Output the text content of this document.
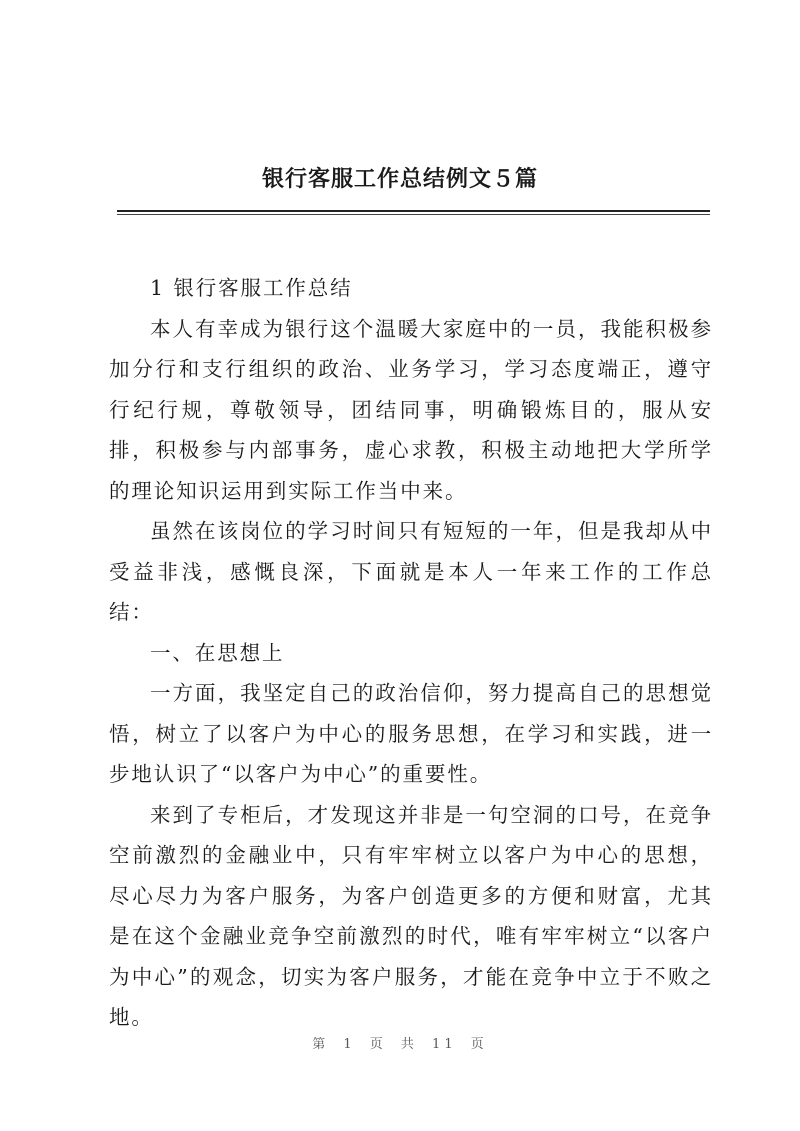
银行客服工作总结例文５篇

1 银行客服工作总结

本人有幸成为银行这个温暖大家庭中的一员，我能积极参加分行和支行组织的政治、业务学习，学习态度端正，遵守行纪行规，尊敬领导，团结同事，明确锻炼目的，服从安排，积极参与内部事务，虚心求教，积极主动地把大学所学的理论知识运用到实际工作当中来。

虽然在该岗位的学习时间只有短短的一年，但是我却从中受益非浅，感慨良深，下面就是本人一年来工作的工作总结：

一、在思想上

一方面，我坚定自己的政治信仰，努力提高自己的思想觉悟，树立了以客户为中心的服务思想，在学习和实践，进一步地认识了“以客户为中心”的重要性。

来到了专柜后，才发现这并非是一句空洞的口号，在竞争空前激烈的金融业中，只有牢牢树立以客户为中心的思想，尽心尽力为客户服务，为客户创造更多的方便和财富，尤其是在这个金融业竞争空前激烈的时代，唯有牢牢树立“以客户为中心”的观念，切实为客户服务，才能在竞争中立于不败之地。

第 1 页 共 11 页
